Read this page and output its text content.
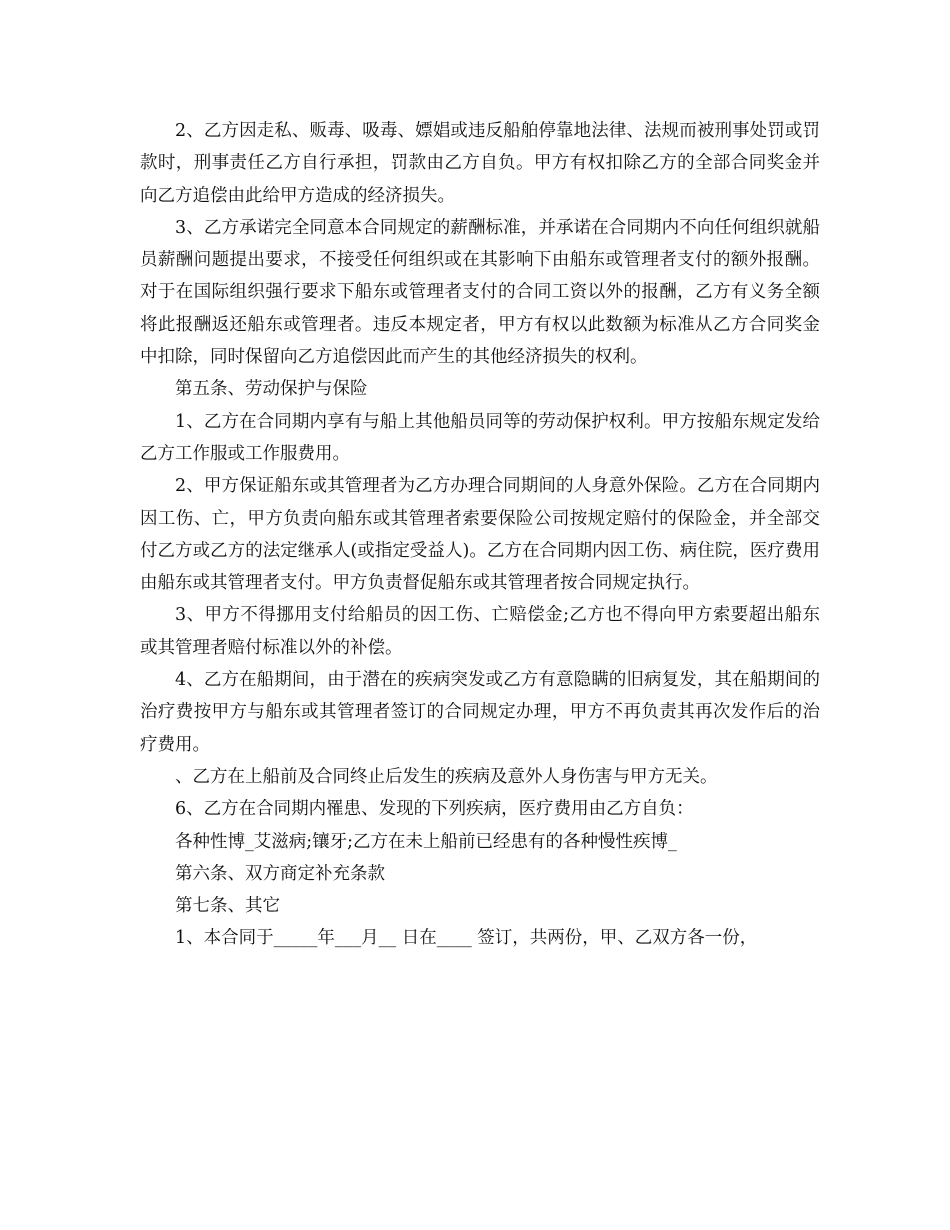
2、乙方因走私、贩毒、吸毒、嫖娼或违反船舶停靠地法律、法规而被刑事处罚或罚款时，刑事责任乙方自行承担，罚款由乙方自负。甲方有权扣除乙方的全部合同奖金并向乙方追偿由此给甲方造成的经济损失。

3、乙方承诺完全同意本合同规定的薪酬标准，并承诺在合同期内不向任何组织就船员薪酬问题提出要求，不接受任何组织或在其影响下由船东或管理者支付的额外报酬。对于在国际组织强行要求下船东或管理者支付的合同工资以外的报酬，乙方有义务全额将此报酬返还船东或管理者。违反本规定者，甲方有权以此数额为标准从乙方合同奖金中扣除，同时保留向乙方追偿因此而产生的其他经济损失的权利。

第五条、劳动保护与保险

1、乙方在合同期内享有与船上其他船员同等的劳动保护权利。甲方按船东规定发给乙方工作服或工作服费用。

2、甲方保证船东或其管理者为乙方办理合同期间的人身意外保险。乙方在合同期内因工伤、亡，甲方负责向船东或其管理者索要保险公司按规定赔付的保险金，并全部交付乙方或乙方的法定继承人(或指定受益人)。乙方在合同期内因工伤、病住院，医疗费用由船东或其管理者支付。甲方负责督促船东或其管理者按合同规定执行。

3、甲方不得挪用支付给船员的因工伤、亡赔偿金;乙方也不得向甲方索要超出船东或其管理者赔付标准以外的补偿。

4、乙方在船期间，由于潜在的疾病突发或乙方有意隐瞒的旧病复发，其在船期间的治疗费按甲方与船东或其管理者签订的合同规定办理，甲方不再负责其再次发作后的治疗费用。

、乙方在上船前及合同终止后发生的疾病及意外人身伤害与甲方无关。

6、乙方在合同期内罹患、发现的下列疾病，医疗费用由乙方自负：

各种性博_艾滋病;镶牙;乙方在未上船前已经患有的各种慢性疾博_

第六条、双方商定补充条款

第七条、其它

1、本合同于_____年___月__ 日在____ 签订，共两份，甲、乙双方各一份，
